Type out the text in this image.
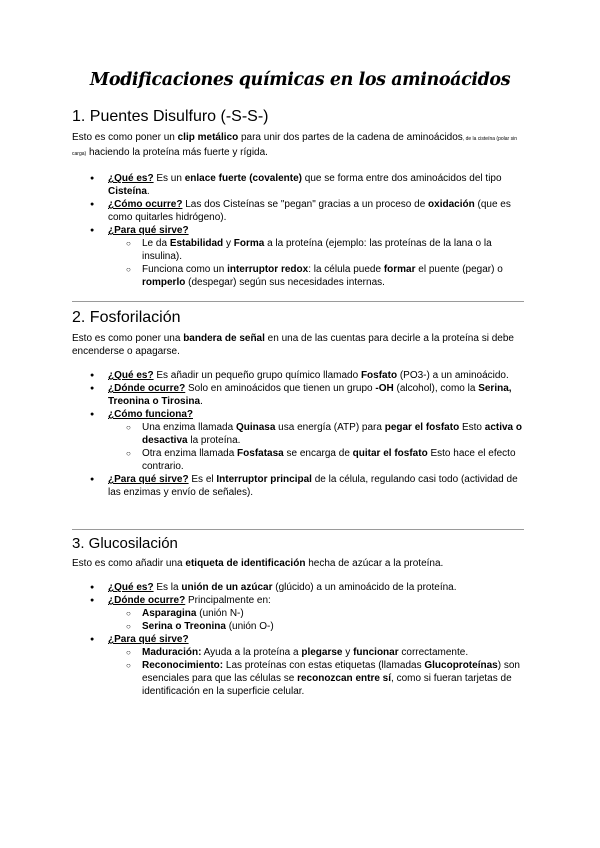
Modificaciones químicas en los aminoácidos
1. Puentes Disulfuro (-S-S-)

Esto es como poner un clip metálico para unir dos partes de la cadena de aminoácidos, de la cisteína (polar sin carga) haciendo la proteína más fuerte y rígida.

● ¿Qué es? Es un enlace fuerte (covalente) que se forma entre dos aminoácidos del tipo Cisteína.
● ¿Cómo ocurre? Las dos Cisteínas se "pegan" gracias a un proceso de oxidación (que es como quitarles hidrógeno).
● ¿Para qué sirve?
○ Le da Estabilidad y Forma a la proteína (ejemplo: las proteínas de la lana o la insulina).
○ Funciona como un interruptor redox: la célula puede formar el puente (pegar) o romperlo (despegar) según sus necesidades internas.
2. Fosforilación

Esto es como poner una bandera de señal en una de las cuentas para decirle a la proteína si debe encenderse o apagarse.

● ¿Qué es? Es añadir un pequeño grupo químico llamado Fosfato (PO3-) a un aminoácido.
● ¿Dónde ocurre? Solo en aminoácidos que tienen un grupo -OH (alcohol), como la Serina, Treonina o Tirosina.
● ¿Cómo funciona?
○ Una enzima llamada Quinasa usa energía (ATP) para pegar el fosfato Esto activa o desactiva la proteína.
○ Otra enzima llamada Fosfatasa se encarga de quitar el fosfato Esto hace el efecto contrario.
● ¿Para qué sirve? Es el Interruptor principal de la célula, regulando casi todo (actividad de las enzimas y envío de señales).
3. Glucosilación

Esto es como añadir una etiqueta de identificación hecha de azúcar a la proteína.

● ¿Qué es? Es la unión de un azúcar (glúcido) a un aminoácido de la proteína.
● ¿Dónde ocurre? Principalmente en:
○ Asparagina (unión N-)
○ Serina o Treonina (unión O-)
● ¿Para qué sirve?
○ Maduración: Ayuda a la proteína a plegarse y funcionar correctamente.
○ Reconocimiento: Las proteínas con estas etiquetas (llamadas Glucoproteínas) son esenciales para que las células se reconozcan entre sí, como si fueran tarjetas de identificación en la superficie celular.
